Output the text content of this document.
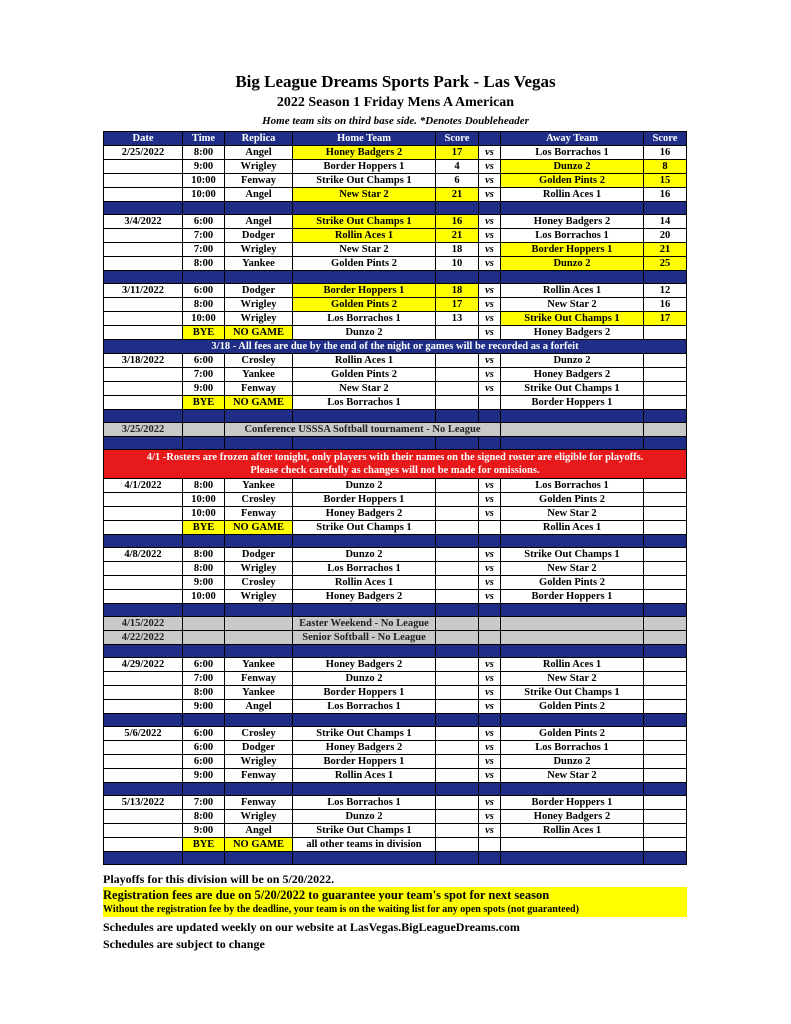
Big League Dreams Sports Park - Las Vegas
2022 Season 1 Friday Mens A American
Home team sits on third base side. *Denotes Doubleheader
Date	Time	Replica	Home Team	Score		Away Team	Score
2/25/2022	8:00	Angel	Honey Badgers 2	17	vs	Los Borrachos 1	16
	9:00	Wrigley	Border Hoppers 1	4	vs	Dunzo 2	8
	10:00	Fenway	Strike Out Champs 1	6	vs	Golden Pints 2	15
	10:00	Angel	New Star 2	21	vs	Rollin Aces 1	16

3/4/2022	6:00	Angel	Strike Out Champs 1	16	vs	Honey Badgers 2	14
	7:00	Dodger	Rollin Aces 1	21	vs	Los Borrachos 1	20
	7:00	Wrigley	New Star 2	18	vs	Border Hoppers 1	21
	8:00	Yankee	Golden Pints 2	10	vs	Dunzo 2	25

3/11/2022	6:00	Dodger	Border Hoppers 1	18	vs	Rollin Aces 1	12
	8:00	Wrigley	Golden Pints 2	17	vs	New Star 2	16
	10:00	Wrigley	Los Borrachos 1	13	vs	Strike Out Champs 1	17
	BYE	NO GAME	Dunzo 2		vs	Honey Badgers 2	
3/18 - All fees are due by the end of the night or games will be recorded as a forfeit							
3/18/2022	6:00	Crosley	Rollin Aces 1		vs	Dunzo 2	
	7:00	Yankee	Golden Pints 2		vs	Honey Badgers 2	
	9:00	Fenway	New Star 2		vs	Strike Out Champs 1	
	BYE	NO GAME	Los Borrachos 1			Border Hoppers 1	

3/25/2022		Conference USSSA Softball tournament - No League					

4/1 -Rosters are frozen after tonight, only players with their names on the signed roster are eligible for playoffs.
Please check carefully as changes will not be made for omissions.							

4/1/2022	8:00	Yankee	Dunzo 2		vs	Los Borrachos 1	
	10:00	Crosley	Border Hoppers 1		vs	Golden Pints 2	
	10:00	Fenway	Honey Badgers 2		vs	New Star 2	
	BYE	NO GAME	Strike Out Champs 1			Rollin Aces 1	

4/8/2022	8:00	Dodger	Dunzo 2		vs	Strike Out Champs 1	
	8:00	Wrigley	Los Borrachos 1		vs	New Star 2	
	9:00	Crosley	Rollin Aces 1		vs	Golden Pints 2	
	10:00	Wrigley	Honey Badgers 2		vs	Border Hoppers 1	

4/15/2022			Easter Weekend - No League				
4/22/2022			Senior Softball - No League				

4/29/2022	6:00	Yankee	Honey Badgers 2		vs	Rollin Aces 1	
	7:00	Fenway	Dunzo 2		vs	New Star 2	
	8:00	Yankee	Border Hoppers 1		vs	Strike Out Champs 1	
	9:00	Angel	Los Borrachos 1		vs	Golden Pints 2	

5/6/2022	6:00	Crosley	Strike Out Champs 1		vs	Golden Pints 2	
	6:00	Dodger	Honey Badgers 2		vs	Los Borrachos 1	
	6:00	Wrigley	Border Hoppers 1		vs	Dunzo 2	
	9:00	Fenway	Rollin Aces 1		vs	New Star 2	

5/13/2022	7:00	Fenway	Los Borrachos 1		vs	Border Hoppers 1	
	8:00	Wrigley	Dunzo 2		vs	Honey Badgers 2	
	9:00	Angel	Strike Out Champs 1		vs	Rollin Aces 1	
	BYE	NO GAME	all other teams in division				

Playoffs for this division will be on 5/20/2022.
Registration fees are due on 5/20/2022 to guarantee your team's spot for next season
Without the registration fee by the deadline, your team is on the waiting list for any open spots (not guaranteed)
Schedules are updated weekly on our website at LasVegas.BigLeagueDreams.com
Schedules are subject to change
